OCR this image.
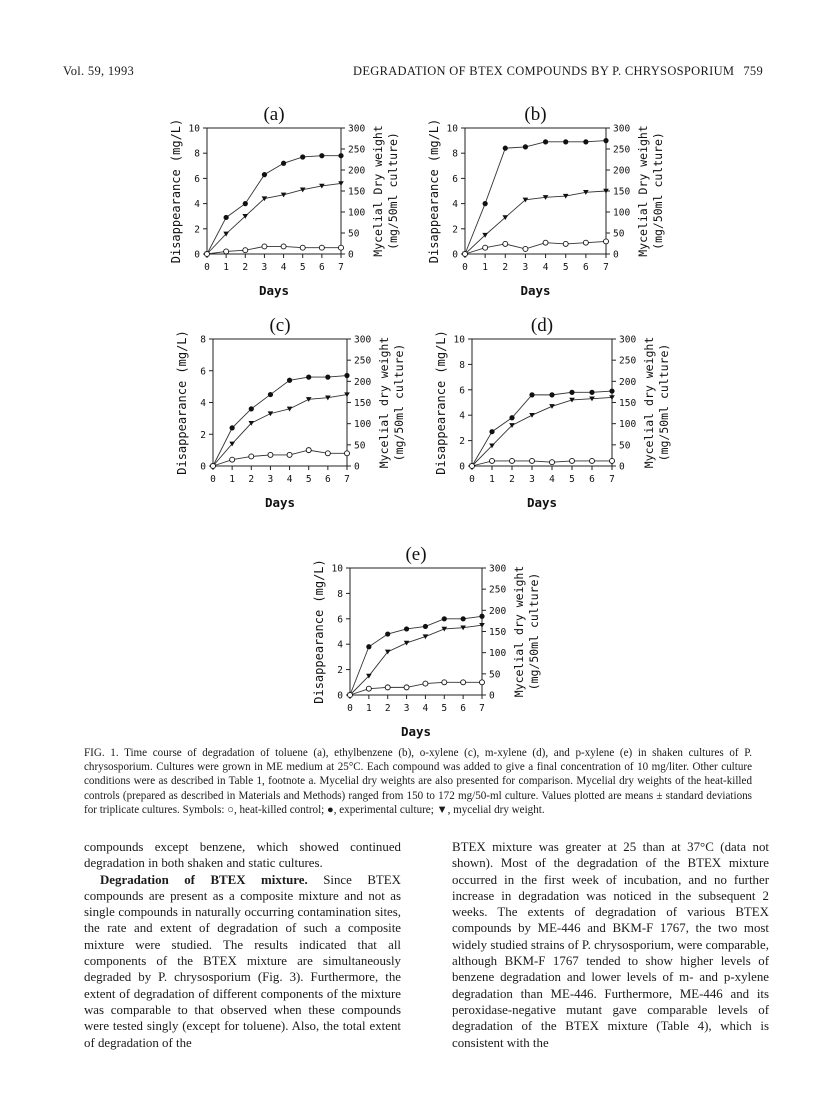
Vol. 59, 1993	DEGRADATION OF BTEX COMPOUNDS BY P. CHRYSOSPORIUM 759
(a)
0 1 2 3 4 5 6 7
Days
0
2
4
6
8
10
0
50
100
150
200
250
300
Disappearance (mg/L)	Mycelial Dry weight (mg/50ml culture)
(b)
0 1 2 3 4 5 6 7
Days
0
2
4
6
8
10
0
50
100
150
200
250
300
Disappearance (mg/L)	Mycelial Dry weight (mg/50ml culture)
(c)
0 1 2 3 4 5 6 7
Days
0
2
4
6
8
0
50
100
150
200
250
300
Disappearance (mg/L)	Mycelial dry weight (mg/50ml culture)
(d)
0 1 2 3 4 5 6 7
Days
0
2
4
6
8
10
0
50
100
150
200
250
300
Disappearance (mg/L)	Mycelial dry weight (mg/50ml culture)
(e)
0 1 2 3 4 5 6 7
Days
0
2
4
6
8
10
0
50
100
150
200
250
300
Disappearance (mg/L)	Mycelial dry weight (mg/50ml culture)
FIG. 1. Time course of degradation of toluene (a), ethylbenzene (b), o-xylene (c), m-xylene (d), and p-xylene (e) in shaken cultures of P. chrysosporium. Cultures were grown in ME medium at 25°C. Each compound was added to give a final concentration of 10 mg/liter. Other culture conditions were as described in Table 1, footnote a. Mycelial dry weights are also presented for comparison. Mycelial dry weights of the heat-killed controls (prepared as described in Materials and Methods) ranged from 150 to 172 mg/50-ml culture. Values plotted are means ± standard deviations for triplicate cultures. Symbols: ○, heat-killed control; ●, experimental culture; ▼, mycelial dry weight.

compounds except benzene, which showed continued degradation in both shaken and static cultures.

Degradation of BTEX mixture. Since BTEX compounds are present as a composite mixture and not as single compounds in naturally occurring contamination sites, the rate and extent of degradation of such a composite mixture were studied. The results indicated that all components of the BTEX mixture are simultaneously degraded by P. chrysosporium (Fig. 3). Furthermore, the extent of degradation of different components of the mixture was comparable to that observed when these compounds were tested singly (except for toluene). Also, the total extent of degradation of the

BTEX mixture was greater at 25 than at 37°C (data not shown). Most of the degradation of the BTEX mixture occurred in the first week of incubation, and no further increase in degradation was noticed in the subsequent 2 weeks. The extents of degradation of various BTEX compounds by ME-446 and BKM-F 1767, the two most widely studied strains of P. chrysosporium, were comparable, although BKM-F 1767 tended to show higher levels of benzene degradation and lower levels of m- and p-xylene degradation than ME-446. Furthermore, ME-446 and its peroxidase-negative mutant gave comparable levels of degradation of the BTEX mixture (Table 4), which is consistent with the
